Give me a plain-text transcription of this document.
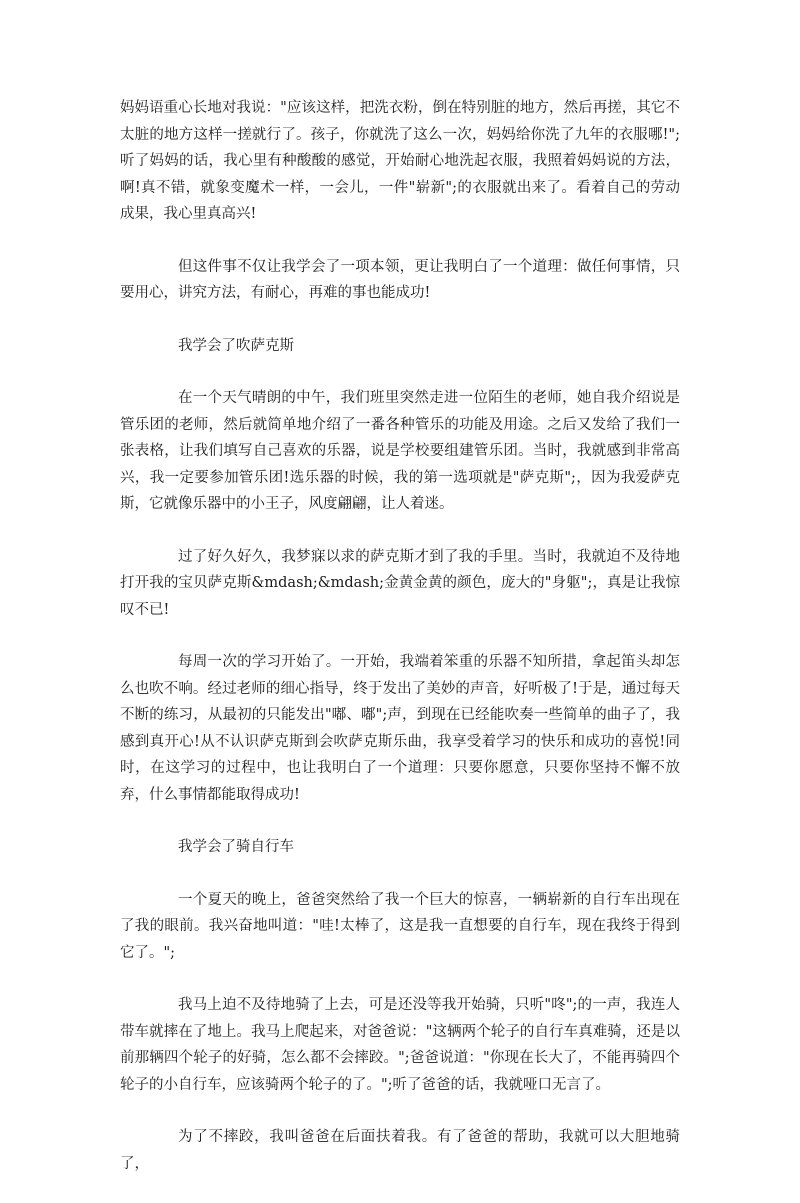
妈妈语重心长地对我说："应该这样，把洗衣粉，倒在特别脏的地方，然后再搓，其它不太脏的地方这样一搓就行了。孩子，你就洗了这么一次，妈妈给你洗了九年的衣服哪!";听了妈妈的话，我心里有种酸酸的感觉，开始耐心地洗起衣服，我照着妈妈说的方法，啊!真不错，就象变魔术一样，一会儿，一件"崭新";的衣服就出来了。看着自己的劳动成果，我心里真高兴!

但这件事不仅让我学会了一项本领，更让我明白了一个道理：做任何事情，只要用心，讲究方法，有耐心，再难的事也能成功!

我学会了吹萨克斯

在一个天气晴朗的中午，我们班里突然走进一位陌生的老师，她自我介绍说是管乐团的老师，然后就简单地介绍了一番各种管乐的功能及用途。之后又发给了我们一张表格，让我们填写自己喜欢的乐器，说是学校要组建管乐团。当时，我就感到非常高兴，我一定要参加管乐团!选乐器的时候，我的第一选项就是"萨克斯";，因为我爱萨克斯，它就像乐器中的小王子，风度翩翩，让人着迷。

过了好久好久，我梦寐以求的萨克斯才到了我的手里。当时，我就迫不及待地打开我的宝贝萨克斯&mdash;&mdash;金黄金黄的颜色，庞大的"身躯";，真是让我惊叹不已!

每周一次的学习开始了。一开始，我端着笨重的乐器不知所措，拿起笛头却怎么也吹不响。经过老师的细心指导，终于发出了美妙的声音，好听极了!于是，通过每天不断的练习，从最初的只能发出"嘟、嘟";声，到现在已经能吹奏一些简单的曲子了，我感到真开心!从不认识萨克斯到会吹萨克斯乐曲，我享受着学习的快乐和成功的喜悦!同时，在这学习的过程中，也让我明白了一个道理：只要你愿意，只要你坚持不懈不放弃，什么事情都能取得成功!

我学会了骑自行车

一个夏天的晚上，爸爸突然给了我一个巨大的惊喜，一辆崭新的自行车出现在了我的眼前。我兴奋地叫道："哇!太棒了，这是我一直想要的自行车，现在我终于得到它了。";

我马上迫不及待地骑了上去，可是还没等我开始骑，只听"咚";的一声，我连人带车就摔在了地上。我马上爬起来，对爸爸说："这辆两个轮子的自行车真难骑，还是以前那辆四个轮子的好骑，怎么都不会摔跤。";爸爸说道："你现在长大了，不能再骑四个轮子的小自行车，应该骑两个轮子的了。";听了爸爸的话，我就哑口无言了。

为了不摔跤，我叫爸爸在后面扶着我。有了爸爸的帮助，我就可以大胆地骑了，
